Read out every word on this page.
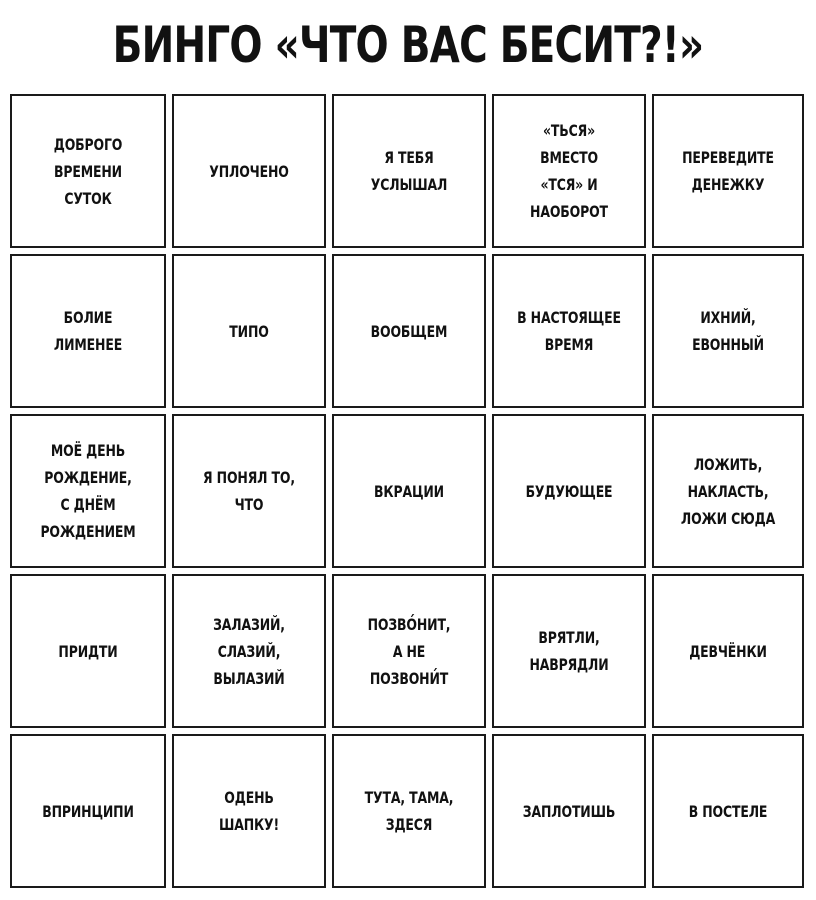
БИНГО «ЧТО ВАС БЕСИТ?!»
ДОБРОГО
ВРЕМЕНИ
СУТОК
УПЛОЧЕНО
Я ТЕБЯ
УСЛЫШАЛ
«ТЬСЯ»
ВМЕСТО
«ТСЯ» И
НАОБОРОТ
ПЕРЕВЕДИТЕ
ДЕНЕЖКУ
БОЛИЕ
ЛИМЕНЕЕ
ТИПО	ВООБЩЕМ
В НАСТОЯЩЕЕ
ВРЕМЯ
ИХНИЙ,
ЕВОННЫЙ
МОЁ ДЕНЬ
РОЖДЕНИЕ,
С ДНЁМ
РОЖДЕНИЕМ
Я ПОНЯЛ ТО,
ЧТО
ВКРАЦИИ	БУДУЮЩЕЕ
ЛОЖИТЬ,
НАКЛАСТЬ,
ЛОЖИ СЮДА
ПРИДТИ
ЗАЛАЗИЙ,
СЛАЗИЙ,
ВЫЛАЗИЙ
ПОЗВО́НИТ,
А НЕ
ПОЗВОНИ́Т
ВРЯТЛИ,
НАВРЯДЛИ
ДЕВЧЁНКИ
ВПРИНЦИПИ
ОДЕНЬ
ШАПКУ!
ТУТА, ТАМА,
ЗДЕСЯ
ЗАПЛОТИШЬ	В ПОСТЕЛЕ
